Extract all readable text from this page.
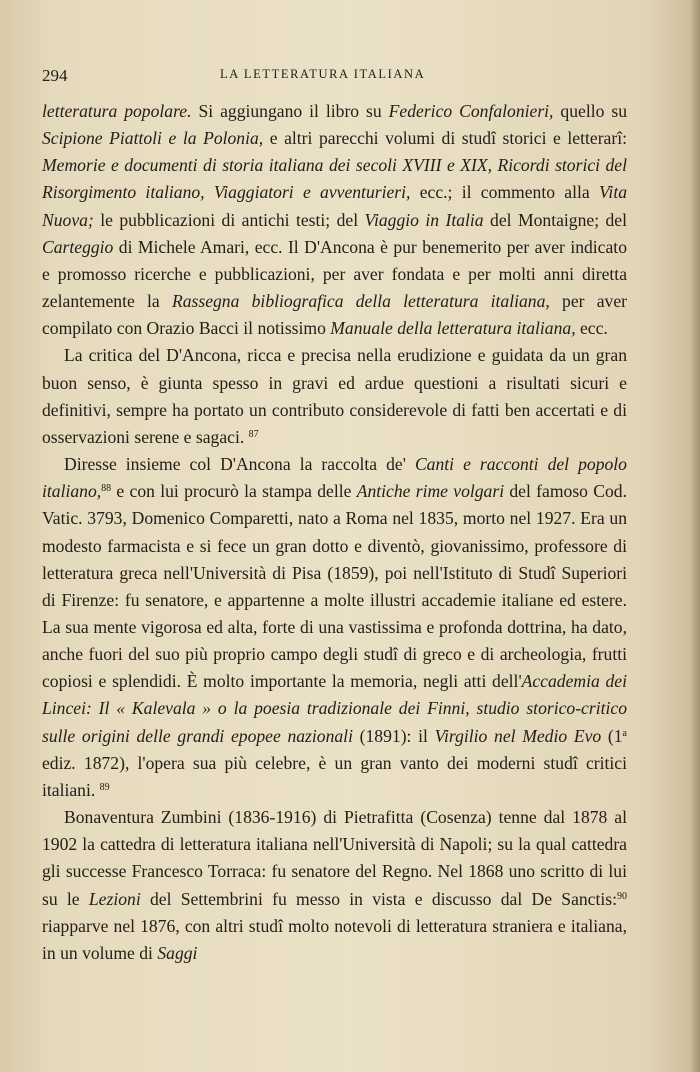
294	LA LETTERATURA ITALIANA

letteratura popolare. Si aggiungano il libro su Federico Confalonieri, quello su Scipione Piattoli e la Polonia, e altri parecchi volumi di studî storici e letterarî: Memorie e documenti di storia italiana dei secoli XVIII e XIX, Ricordi storici del Risorgimento italiano, Viaggiatori e avventurieri, ecc.; il commento alla Vita Nuova; le pubblicazioni di antichi testi; del Viaggio in Italia del Montaigne; del Carteggio di Michele Amari, ecc. Il D'Ancona è pur benemerito per aver indicato e promosso ricerche e pubblicazioni, per aver fondata e per molti anni diretta zelantemente la Rassegna bibliografica della letteratura italiana, per aver compilato con Orazio Bacci il notissimo Manuale della letteratura italiana, ecc.

La critica del D'Ancona, ricca e precisa nella erudizione e guidata da un gran buon senso, è giunta spesso in gravi ed ardue questioni a risultati sicuri e definitivi, sempre ha portato un contributo considerevole di fatti ben accertati e di osservazioni serene e sagaci. $^{87}$

Diresse insieme col D'Ancona la raccolta de' Canti e racconti del popolo italiano,$^{88}$ e con lui procurò la stampa delle Antiche rime volgari del famoso Cod. Vatic. 3793, Domenico Comparetti, nato a Roma nel 1835, morto nel 1927. Era un modesto farmacista e si fece un gran dotto e diventò, giovanissimo, professore di letteratura greca nell'Università di Pisa (1859), poi nell'Istituto di Studî Superiori di Firenze: fu senatore, e appartenne a molte illustri accademie italiane ed estere. La sua mente vigorosa ed alta, forte di una vastissima e profonda dottrina, ha dato, anche fuori del suo più proprio campo degli studî di greco e di archeologia, frutti copiosi e splendidi. È molto importante la memoria, negli atti dell'Accademia dei Lincei: Il « Kalevala » o la poesia tradizionale dei Finni, studio storico-critico sulle origini delle grandi epopee nazionali (1891): il Virgilio nel Medio Evo (1$^a$ ediz. 1872), l'opera sua più celebre, è un gran vanto dei moderni studî critici italiani. $^{89}$

Bonaventura Zumbini (1836-1916) di Pietrafitta (Cosenza) tenne dal 1878 al 1902 la cattedra di letteratura italiana nell'Università di Napoli; su la qual cattedra gli successe Francesco Torraca: fu senatore del Regno. Nel 1868 uno scritto di lui su le Lezioni del Settembrini fu messo in vista e discusso dal De Sanctis:$^{90}$ riapparve nel 1876, con altri studî molto notevoli di letteratura straniera e italiana, in un volume di Saggi
